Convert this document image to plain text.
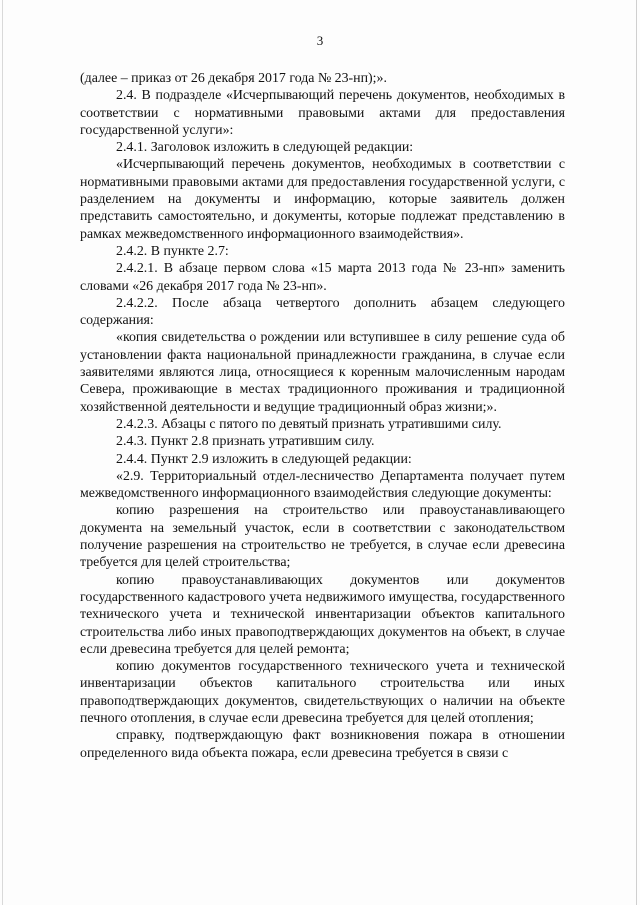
3

(далее – приказ от 26 декабря 2017 года № 23-нп);».

2.4. В подразделе «Исчерпывающий перечень документов, необходимых в соответствии с нормативными правовыми актами для предоставления государственной услуги»:

2.4.1. Заголовок изложить в следующей редакции:

«Исчерпывающий перечень документов, необходимых в соответствии с нормативными правовыми актами для предоставления государственной услуги, с разделением на документы и информацию, которые заявитель должен представить самостоятельно, и документы, которые подлежат представлению в рамках межведомственного информационного взаимодействия».

2.4.2. В пункте 2.7:

2.4.2.1. В абзаце первом слова «15 марта 2013 года № 23-нп» заменить словами «26 декабря 2017 года № 23-нп».

2.4.2.2. После абзаца четвертого дополнить абзацем следующего содержания:

«копия свидетельства о рождении или вступившее в силу решение суда об установлении факта национальной принадлежности гражданина, в случае если заявителями являются лица, относящиеся к коренным малочисленным народам Севера, проживающие в местах традиционного проживания и традиционной хозяйственной деятельности и ведущие традиционный образ жизни;».

2.4.2.3. Абзацы с пятого по девятый признать утратившими силу.

2.4.3. Пункт 2.8 признать утратившим силу.

2.4.4. Пункт 2.9 изложить в следующей редакции:

«2.9. Территориальный отдел-лесничество Департамента получает путем межведомственного информационного взаимодействия следующие документы:

копию разрешения на строительство или правоустанавливающего документа на земельный участок, если в соответствии с законодательством получение разрешения на строительство не требуется, в случае если древесина требуется для целей строительства;

копию правоустанавливающих документов или документов государственного кадастрового учета недвижимого имущества, государственного технического учета и технической инвентаризации объектов капитального строительства либо иных правоподтверждающих документов на объект, в случае если древесина требуется для целей ремонта;

копию документов государственного технического учета и технической инвентаризации объектов капитального строительства или иных правоподтверждающих документов, свидетельствующих о наличии на объекте печного отопления, в случае если древесина требуется для целей отопления;

справку, подтверждающую факт возникновения пожара в отношении определенного вида объекта пожара, если древесина требуется в связи с
